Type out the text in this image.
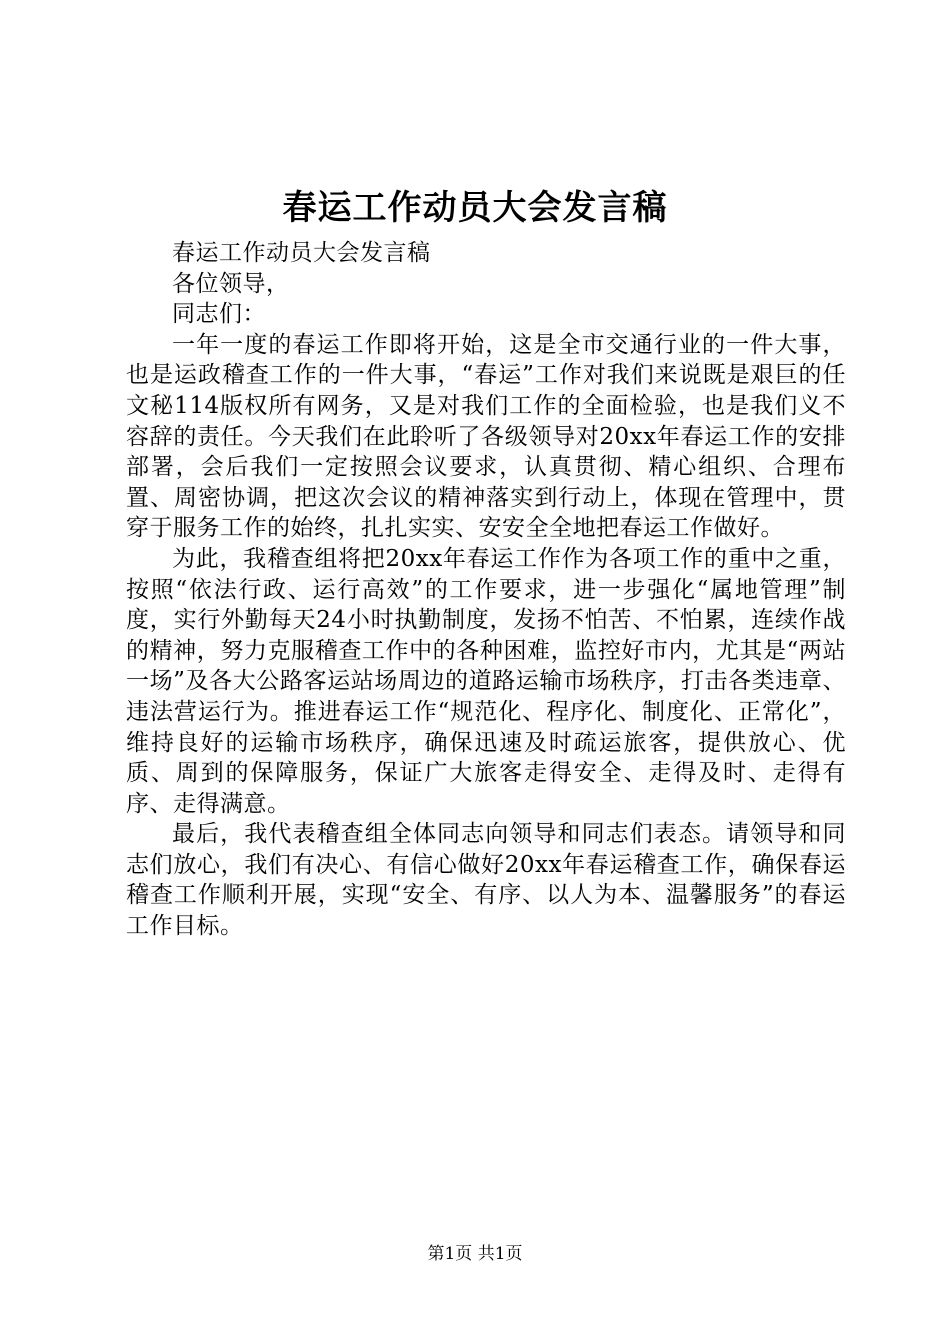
春运工作动员大会发言稿

春运工作动员大会发言稿

各位领导，

同志们：

一年一度的春运工作即将开始，这是全市交通行业的一件大事，也是运政稽查工作的一件大事，“春运”工作对我们来说既是艰巨的任文秘114版权所有网务，又是对我们工作的全面检验，也是我们义不容辞的责任。今天我们在此聆听了各级领导对20xx年春运工作的安排部署，会后我们一定按照会议要求，认真贯彻、精心组织、合理布置、周密协调，把这次会议的精神落实到行动上，体现在管理中，贯穿于服务工作的始终，扎扎实实、安安全全地把春运工作做好。

为此，我稽查组将把20xx年春运工作作为各项工作的重中之重，按照“依法行政、运行高效”的工作要求，进一步强化“属地管理”制度，实行外勤每天24小时执勤制度，发扬不怕苦、不怕累，连续作战的精神，努力克服稽查工作中的各种困难，监控好市内，尤其是“两站一场”及各大公路客运站场周边的道路运输市场秩序，打击各类违章、违法营运行为。推进春运工作“规范化、程序化、制度化、正常化”，维持良好的运输市场秩序，确保迅速及时疏运旅客，提供放心、优质、周到的保障服务，保证广大旅客走得安全、走得及时、走得有序、走得满意。

最后，我代表稽查组全体同志向领导和同志们表态。请领导和同志们放心，我们有决心、有信心做好20xx年春运稽查工作，确保春运稽查工作顺利开展，实现“安全、有序、以人为本、温馨服务”的春运工作目标。

第1页 共1页
